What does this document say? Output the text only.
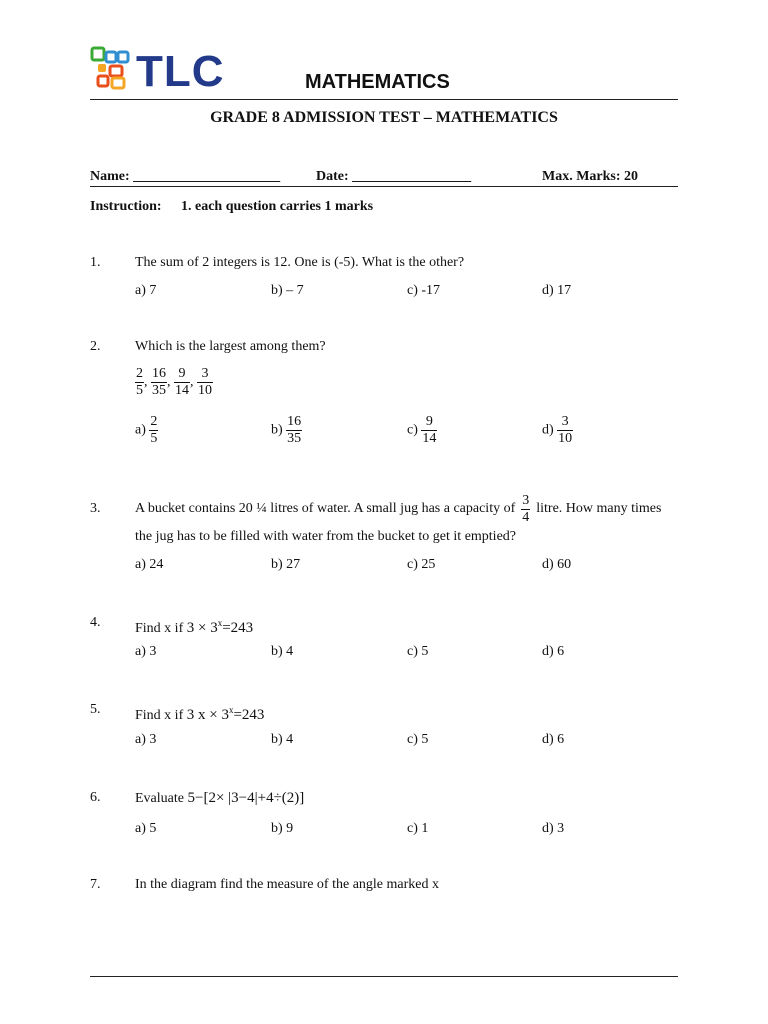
TLC	MATHEMATICS
GRADE 8 ADMISSION TEST – MATHEMATICS
Name: _____________________	Date: _________________	Max. Marks: 20
Instruction: 1. each question carries 1 marks
1. The sum of 2 integers is 12. One is (-5). What is the other?
a) 7	b) – 7	c) -17	d) 17
2. Which is the largest among them?
$\frac{2}{5}$ , $\frac{16}{35}$ , $\frac{9}{14}$ , $\frac{3}{10}$
$a) \frac{2}{5}$	$b) \frac{16}{35}$	$c) \frac{9}{14}$	$d) \frac{3}{10}$
3. A bucket contains 20 ¼ litres of water. A small jug has a capacity of $\frac{3}{4}$ litre. How many times
the jug has to be filled with water from the bucket to get it emptied?
a) 24	b) 27	c) 25	d) 60
4. Find x if $3 \times 3^x=243$
a) 3	b) 4	c) 5	d) 6
5. Find x if 3 $x \times 3^x=243$
a) 3	b) 4	c) 5	d) 6
6. Evaluate 5−[2× |3−4|+4÷(2)]
a) 5	b) 9	c) 1	d) 3
7. In the diagram find the measure of the angle marked x
